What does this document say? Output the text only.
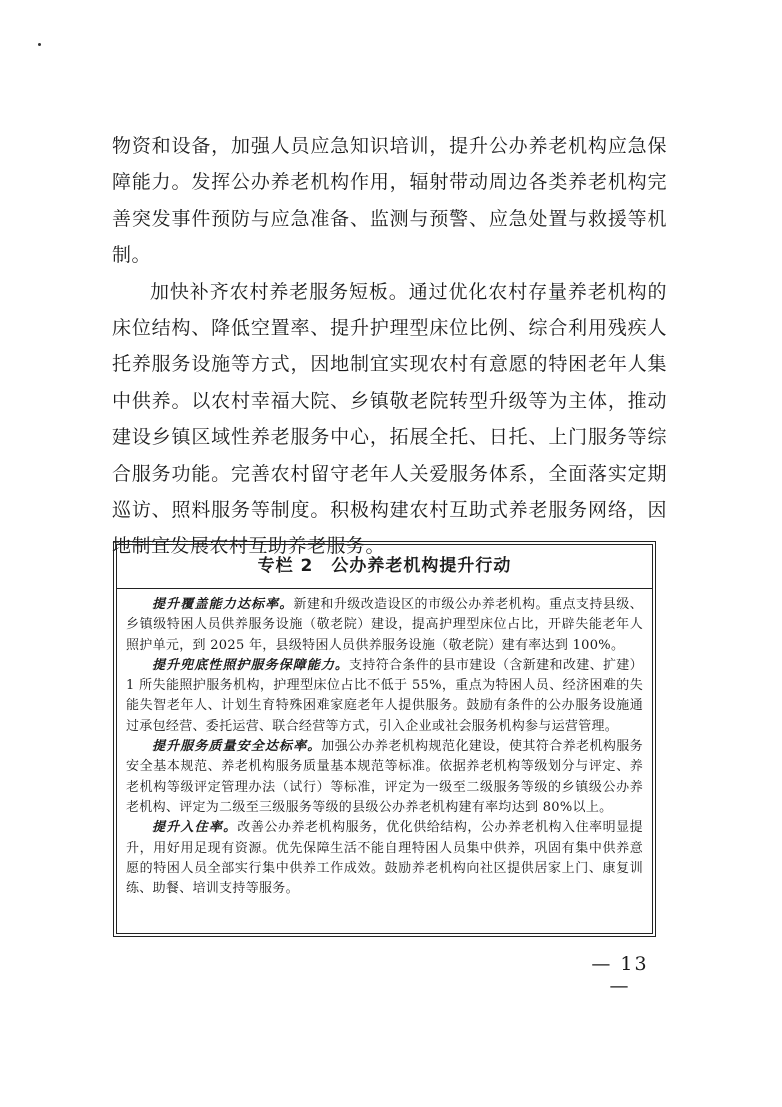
物资和设备，加强人员应急知识培训，提升公办养老机构应急保障能力。发挥公办养老机构作用，辐射带动周边各类养老机构完善突发事件预防与应急准备、监测与预警、应急处置与救援等机制。

加快补齐农村养老服务短板。通过优化农村存量养老机构的床位结构、降低空置率、提升护理型床位比例、综合利用残疾人托养服务设施等方式，因地制宜实现农村有意愿的特困老年人集中供养。以农村幸福大院、乡镇敬老院转型升级等为主体，推动建设乡镇区域性养老服务中心，拓展全托、日托、上门服务等综合服务功能。完善农村留守老年人关爱服务体系，全面落实定期巡访、照料服务等制度。积极构建农村互助式养老服务网络，因地制宜发展农村互助养老服务。

专栏 2 公办养老机构提升行动

提升覆盖能力达标率。新建和升级改造设区的市级公办养老机构。重点支持县级、乡镇级特困人员供养服务设施（敬老院）建设，提高护理型床位占比，开辟失能老年人照护单元，到 2025 年，县级特困人员供养服务设施（敬老院）建有率达到 100%。

提升兜底性照护服务保障能力。支持符合条件的县市建设（含新建和改建、扩建）1 所失能照护服务机构，护理型床位占比不低于 55%，重点为特困人员、经济困难的失能失智老年人、计划生育特殊困难家庭老年人提供服务。鼓励有条件的公办服务设施通过承包经营、委托运营、联合经营等方式，引入企业或社会服务机构参与运营管理。

提升服务质量安全达标率。加强公办养老机构规范化建设，使其符合养老机构服务安全基本规范、养老机构服务质量基本规范等标准。依据养老机构等级划分与评定、养老机构等级评定管理办法（试行）等标准，评定为一级至二级服务等级的乡镇级公办养老机构、评定为二级至三级服务等级的县级公办养老机构建有率均达到 80%以上。

提升入住率。改善公办养老机构服务，优化供给结构，公办养老机构入住率明显提升，用好用足现有资源。优先保障生活不能自理特困人员集中供养，巩固有集中供养意愿的特困人员全部实行集中供养工作成效。鼓励养老机构向社区提供居家上门、康复训练、助餐、培训支持等服务。

— 13 —
